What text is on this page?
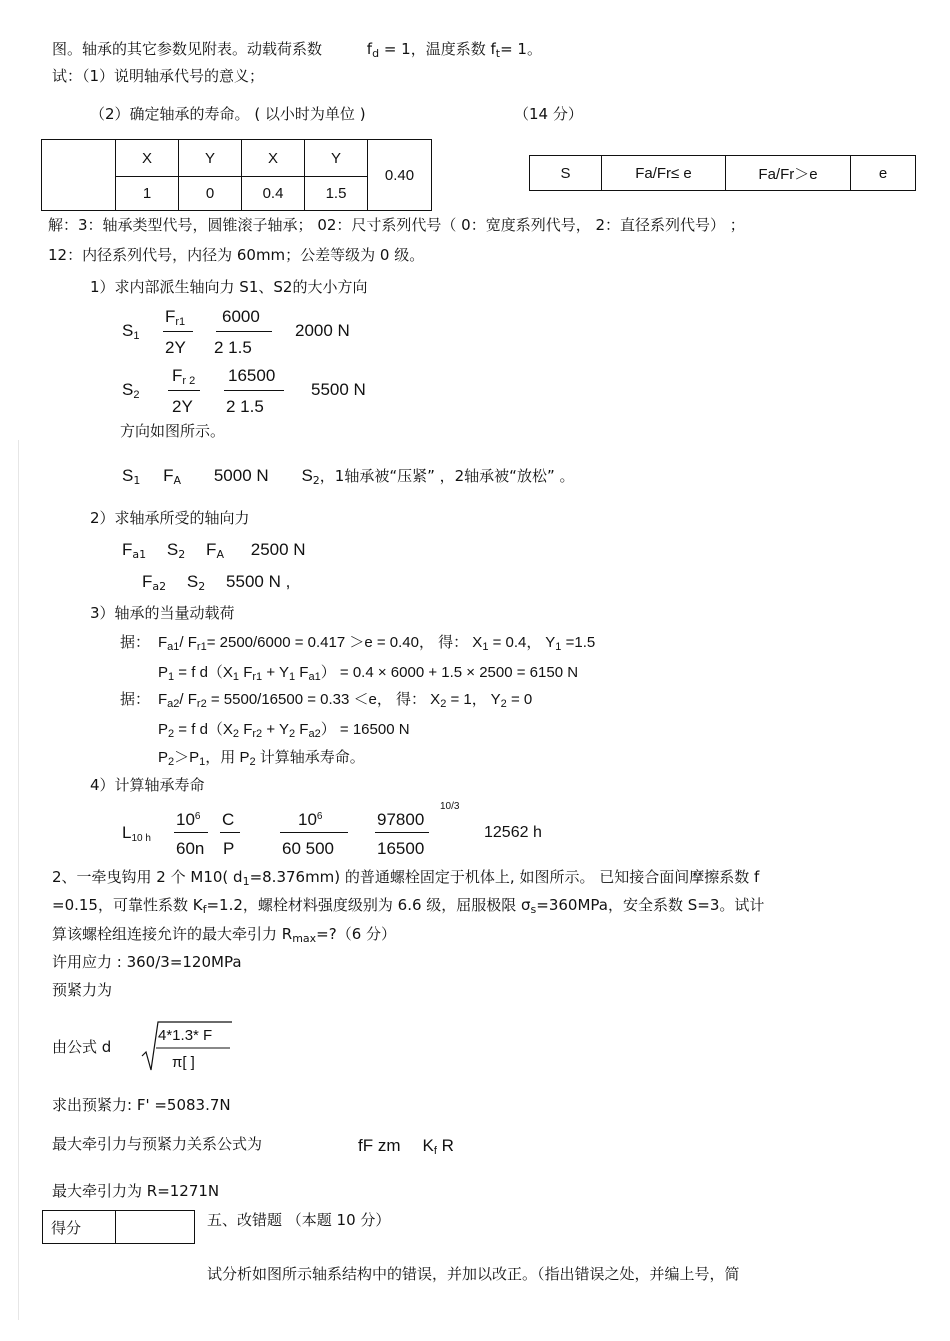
图。轴承的其它参数见附表。动载荷系数	$f_d = 1$，温度系数 $f_t= 1$。
试：（1）说明轴承代号的意义；
（2）确定轴承的寿命。 ( 以小时为单位 )	（14 分）
	X	Y	X	Y	0.40
	1	0	0.4	1.5	
S	Fa/Fr≤ e	Fa/Fr＞e	e
解：3：轴承类型代号，圆锥滚子轴承； 02：尺寸系列代号（ 0：宽度系列代号， 2：直径系列代号） ；
12：内径系列代号，内径为 60mm；公差等级为 0 级。
1）求内部派生轴向力 S1、S2的大小方向
S1
Fr1
2Y
6000
2 1.5
2000 N
S2
Fr 2
2Y
16500
2 1.5
5500 N
方向如图所示。
$S_1$ $F_A$ 5000 N $S_2$，1轴承被“压紧” ，2轴承被“放松” 。
2）求轴承所受的轴向力
$F_{a1}$ $S_2$ $F_A$ 2500 N
$F_{a2}$ $S_2$ 5500 N ,
3）轴承的当量动载荷
据： $F_{a1}/$ $F_{r1}= 2500/6000 = 0.417 >e = 0.40$， 得： $X_1 = 0.4$， $Y_1 =1.5$
$P_1 = f$ $d(X_1$ $F_{r1} + Y_1$ $F_{a1}) = 0.4 \times 6000 + 1.5 \times 2500 = 6150$ N
据： $F_{a2}/$ $F_{r2} = 5500/16500 = 0.33 <e$， 得： $X_2 = 1$， $Y_2 = 0$
$P_2 = f$ $d(X_2$ $F_{r2} + Y_2$ $F_{a2}) = 16500$ N
$P_2>P_1$，用 $P_2$ 计算轴承寿命。
4）计算轴承寿命
L10 h
$10^6$
60n
C
P
$10^6$
60 500
97800
16500
10/3
12562 h
2、一牵曳钩用 2 个 M10( $d_1=8.376mm$) 的普通螺栓固定于机体上, 如图所示。 已知接合面间摩擦系数 f
=0.15，可靠性系数 $K_f=1.2$，螺栓材料强度级别为 6.6 级，屈服极限 $\sigma_s=360MPa$，安全系数 S=3。试计
算该螺栓组连接允许的最大牵引力 $R_{max}=?(6$ 分）
许用应力 : 360/3=120MPa
预紧力为
由公式 d
4*1.3* F
π[ ]
求出预紧力: F' =5083.7N
最大牵引力与预紧力关系公式为	fF zm Kf R
最大牵引力为 R=1271N
得分		五、改错题 （本题 10 分）
试分析如图所示轴系结构中的错误，并加以改正。（指出错误之处，并编上号，简
